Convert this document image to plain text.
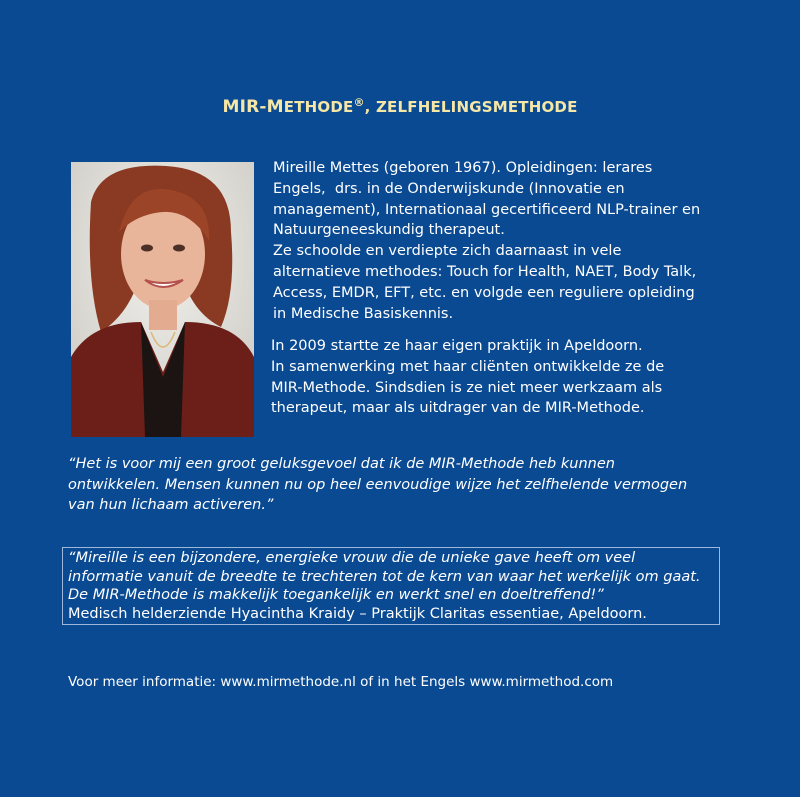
MIR-METHODE®, ZELFHELINGSMETHODE
Mireille Mettes (geboren 1967). Opleidingen: lerares
Engels,  drs. in de Onderwijskunde (Innovatie en
management), Internationaal gecertificeerd NLP-trainer en
Natuurgeneeskundig therapeut.
Ze schoolde en verdiepte zich daarnaast in vele
alternatieve methodes: Touch for Health, NAET, Body Talk,
Access, EMDR, EFT, etc. en volgde een reguliere opleiding
in Medische Basiskennis.
In 2009 startte ze haar eigen praktijk in Apeldoorn.
In samenwerking met haar cliënten ontwikkelde ze de
MIR-Methode. Sindsdien is ze niet meer werkzaam als
therapeut, maar als uitdrager van de MIR-Methode.
“Het is voor mij een groot geluksgevoel dat ik de MIR-Methode heb kunnen
ontwikkelen. Mensen kunnen nu op heel eenvoudige wijze het zelfhelende vermogen
van hun lichaam activeren.”
“Mireille is een bijzondere, energieke vrouw die de unieke gave heeft om veel
informatie vanuit de breedte te trechteren tot de kern van waar het werkelijk om gaat.
De MIR-Methode is makkelijk toegankelijk en werkt snel en doeltreffend!”
Medisch helderziende Hyacintha Kraidy – Praktijk Claritas essentiae, Apeldoorn.
Voor meer informatie: www.mirmethode.nl of in het Engels www.mirmethod.com
